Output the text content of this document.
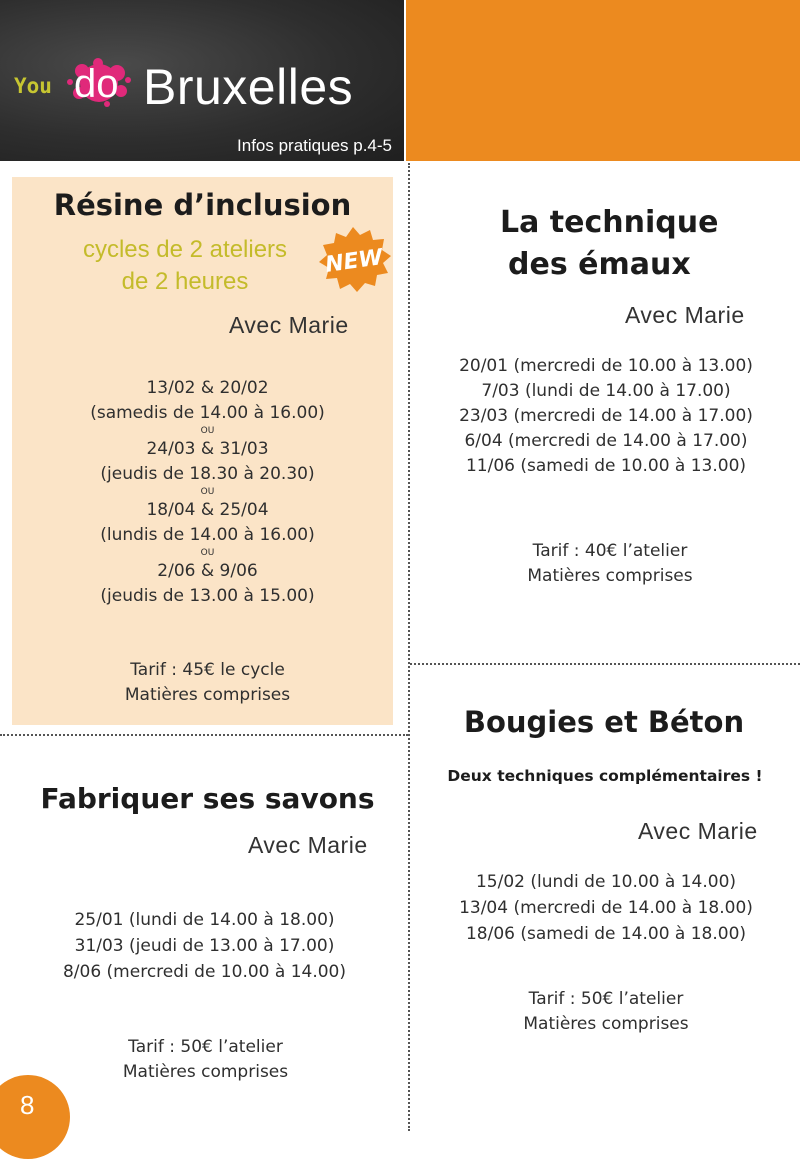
You do Bruxelles
Infos pratiques p.4-5
Résine d’inclusion
cycles de 2 ateliers
de 2 heures
NEW
Avec Marie
13/02 & 20/02
(samedis de 14.00 à 16.00)
OU
24/03 & 31/03
(jeudis de 18.30 à 20.30)
OU
18/04 & 25/04
(lundis de 14.00 à 16.00)
OU
2/06 & 9/06
(jeudis de 13.00 à 15.00)
Tarif : 45€ le cycle
Matières comprises
La technique
des émaux
Avec Marie
20/01 (mercredi de 10.00 à 13.00)
7/03 (lundi de 14.00 à 17.00)
23/03 (mercredi de 14.00 à 17.00)
6/04 (mercredi de 14.00 à 17.00)
11/06 (samedi de 10.00 à 13.00)
Tarif : 40€ l’atelier
Matières comprises
Fabriquer ses savons
Avec Marie
25/01 (lundi de 14.00 à 18.00)
31/03 (jeudi de 13.00 à 17.00)
8/06 (mercredi de 10.00 à 14.00)
Tarif : 50€ l’atelier
Matières comprises
Bougies et Béton
Deux techniques complémentaires !
Avec Marie
15/02 (lundi de 10.00 à 14.00)
13/04 (mercredi de 14.00 à 18.00)
18/06 (samedi de 14.00 à 18.00)
Tarif : 50€ l’atelier
Matières comprises
8
